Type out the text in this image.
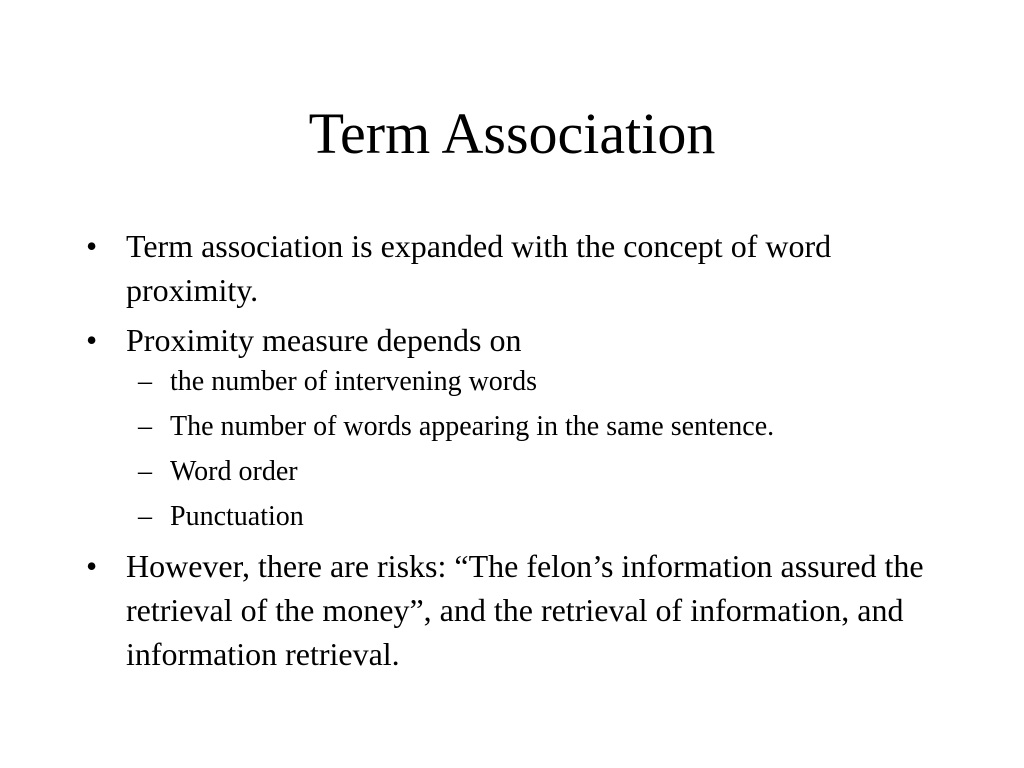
Term Association

• Term association is expanded with the concept of word proximity.

• Proximity measure depends on

– the number of intervening words

– The number of words appearing in the same sentence.

– Word order

– Punctuation

• However, there are risks: “The felon’s information assured the retrieval of the money”, and the retrieval of information, and information retrieval.
